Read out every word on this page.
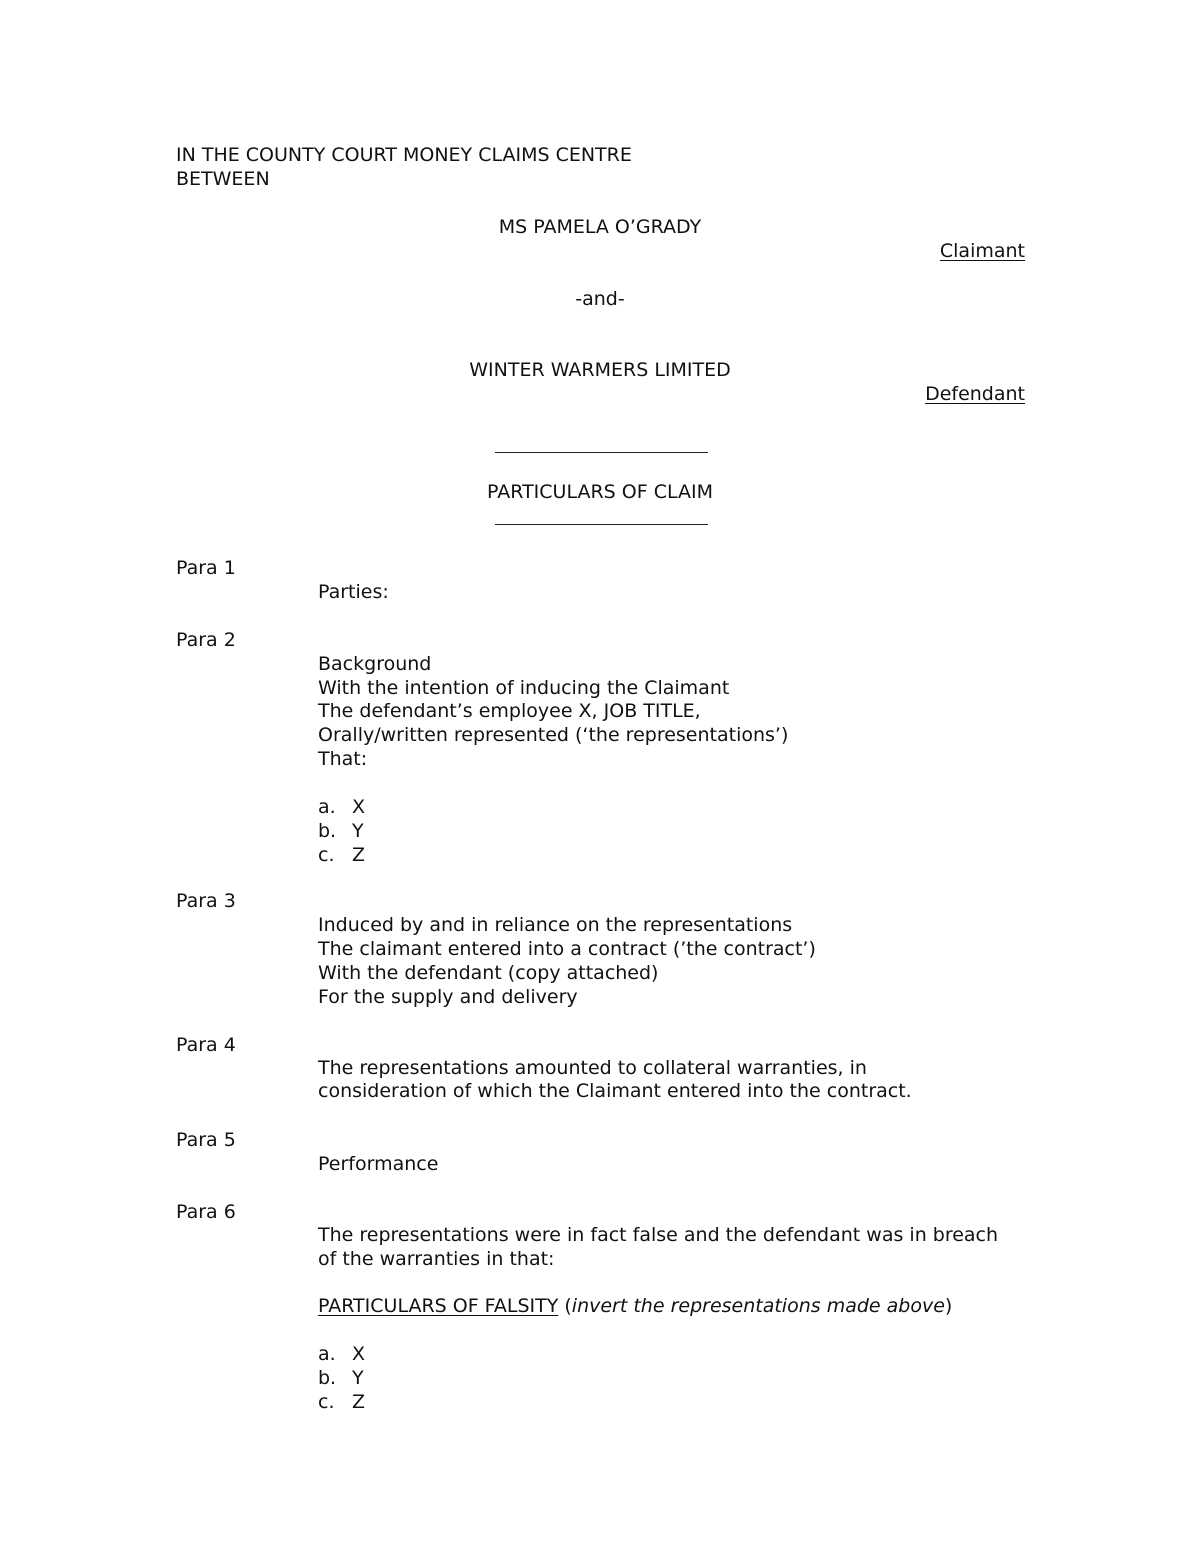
IN THE COUNTY COURT MONEY CLAIMS CENTRE
BETWEEN
MS PAMELA O’GRADY
Claimant
-and-
WINTER WARMERS LIMITED
Defendant
PARTICULARS OF CLAIM
Para 1
Parties:
Para 2
Background
With the intention of inducing the Claimant
The defendant’s employee X, JOB TITLE,
Orally/written represented (‘the representations’)
That:
a. X
b. Y
c. Z
Para 3
Induced by and in reliance on the representations
The claimant entered into a contract (’the contract’)
With the defendant (copy attached)
For the supply and delivery
Para 4
The representations amounted to collateral warranties, in
consideration of which the Claimant entered into the contract.
Para 5
Performance
Para 6
The representations were in fact false and the defendant was in breach
of the warranties in that:
PARTICULARS OF FALSITY (invert the representations made above)
a. X
b. Y
c. Z
